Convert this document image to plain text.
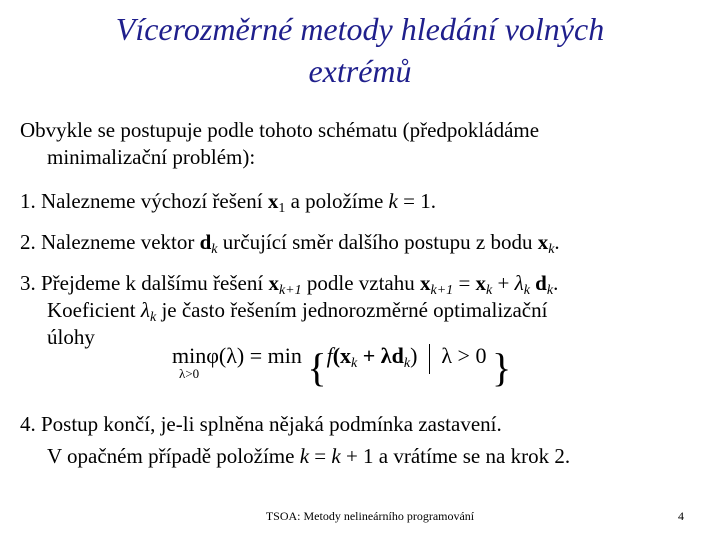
Vícerozměrné metody hledání volných
extrémů
Obvykle se postupuje podle tohoto schématu (předpokládáme
minimalizační problém):
1. Nalezneme výchozí řešení $x_1$ a položíme k = 1.
2. Nalezneme vektor $d_k$ určující směr dalšího postupu z bodu $x_k$.
3. Přejdeme k dalšímu řešení $x_{k+1}$ podle vztahu $x_{k+1} = x_k + \lambda_k$ $d_k$.
Koeficient $\lambda_k$ je často řešením jednorozměrné optimalizační
úlohy
min
λ>0
$\varphi(\lambda) = \min \{f(x_k + \lambda d_k) \lambda > 0$ }
4. Postup končí, je-li splněna nějaká podmínka zastavení.
V opačném případě položíme k = k + 1 a vrátíme se na krok 2.
TSOA: Metody nelineárního programování	4
